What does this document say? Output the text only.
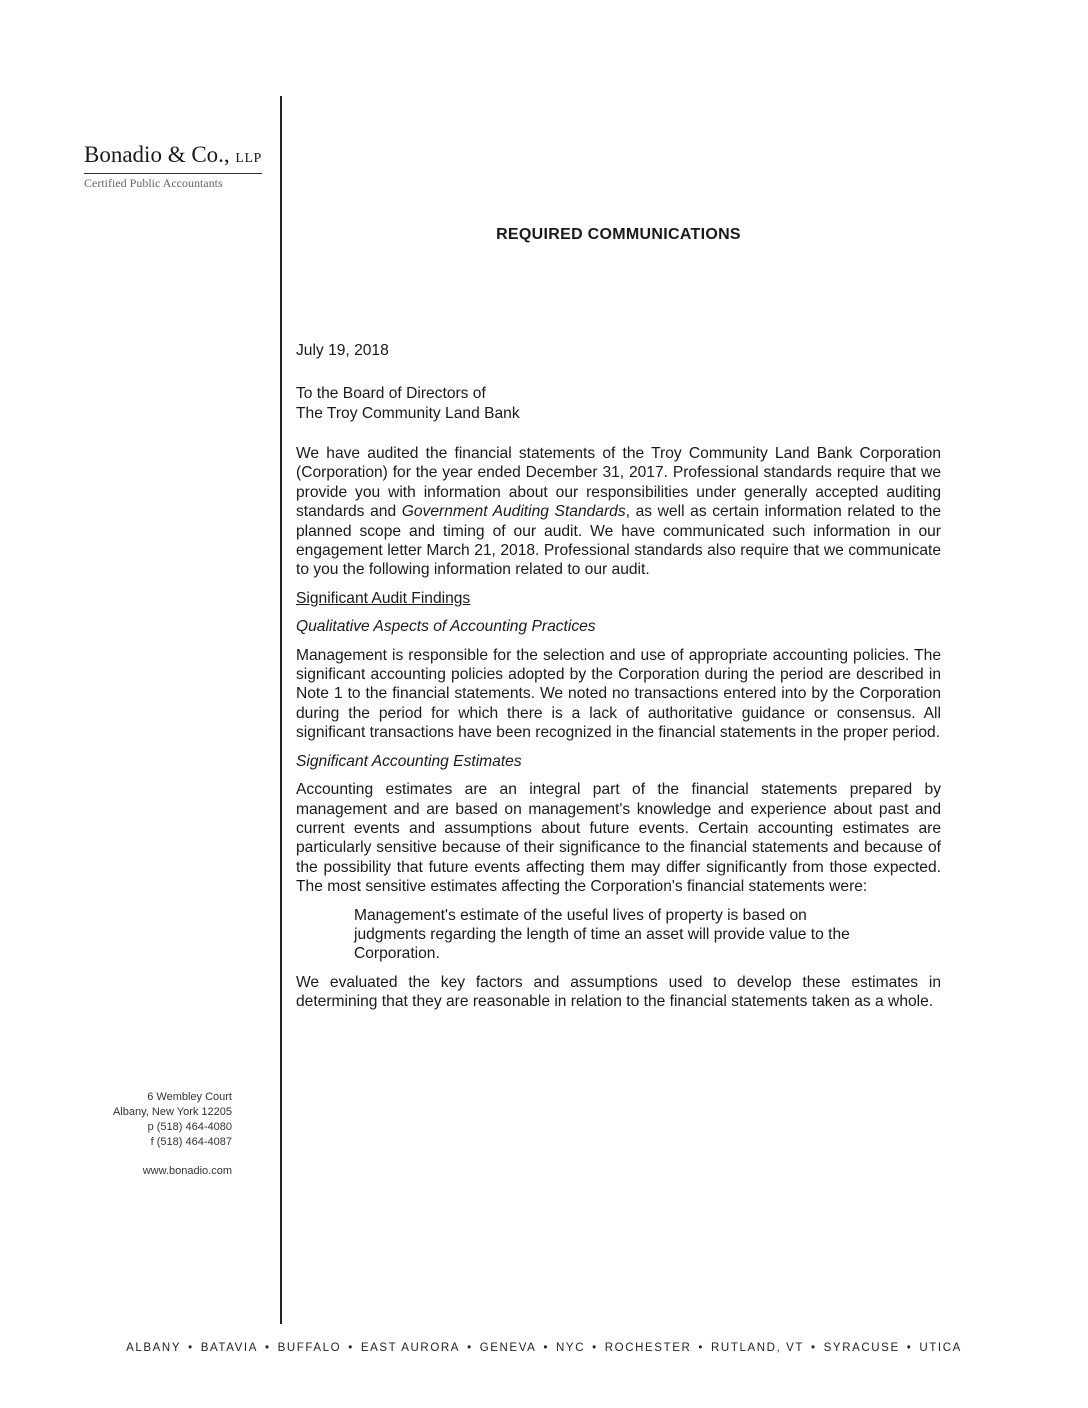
Bonadio & Co., LLP
Certified Public Accountants
6 Wembley Court
Albany, New York 12205
p (518) 464-4080
f (518) 464-4087
www.bonadio.com
REQUIRED COMMUNICATIONS
July 19, 2018
To the Board of Directors of
The Troy Community Land Bank

We have audited the financial statements of the Troy Community Land Bank Corporation (Corporation) for the year ended December 31, 2017. Professional standards require that we provide you with information about our responsibilities under generally accepted auditing standards and Government Auditing Standards, as well as certain information related to the planned scope and timing of our audit. We have communicated such information in our engagement letter March 21, 2018. Professional standards also require that we communicate to you the following information related to our audit.

Significant Audit Findings
Qualitative Aspects of Accounting Practices

Management is responsible for the selection and use of appropriate accounting policies. The significant accounting policies adopted by the Corporation during the period are described in Note 1 to the financial statements. We noted no transactions entered into by the Corporation during the period for which there is a lack of authoritative guidance or consensus. All significant transactions have been recognized in the financial statements in the proper period.

Significant Accounting Estimates

Accounting estimates are an integral part of the financial statements prepared by management and are based on management's knowledge and experience about past and current events and assumptions about future events. Certain accounting estimates are particularly sensitive because of their significance to the financial statements and because of the possibility that future events affecting them may differ significantly from those expected. The most sensitive estimates affecting the Corporation's financial statements were:

Management's estimate of the useful lives of property is based on judgments regarding the length of time an asset will provide value to the Corporation.

We evaluated the key factors and assumptions used to develop these estimates in determining that they are reasonable in relation to the financial statements taken as a whole.

ALBANY • BATAVIA • BUFFALO • EAST AURORA • GENEVA • NYC • ROCHESTER • RUTLAND, VT • SYRACUSE • UTICA
